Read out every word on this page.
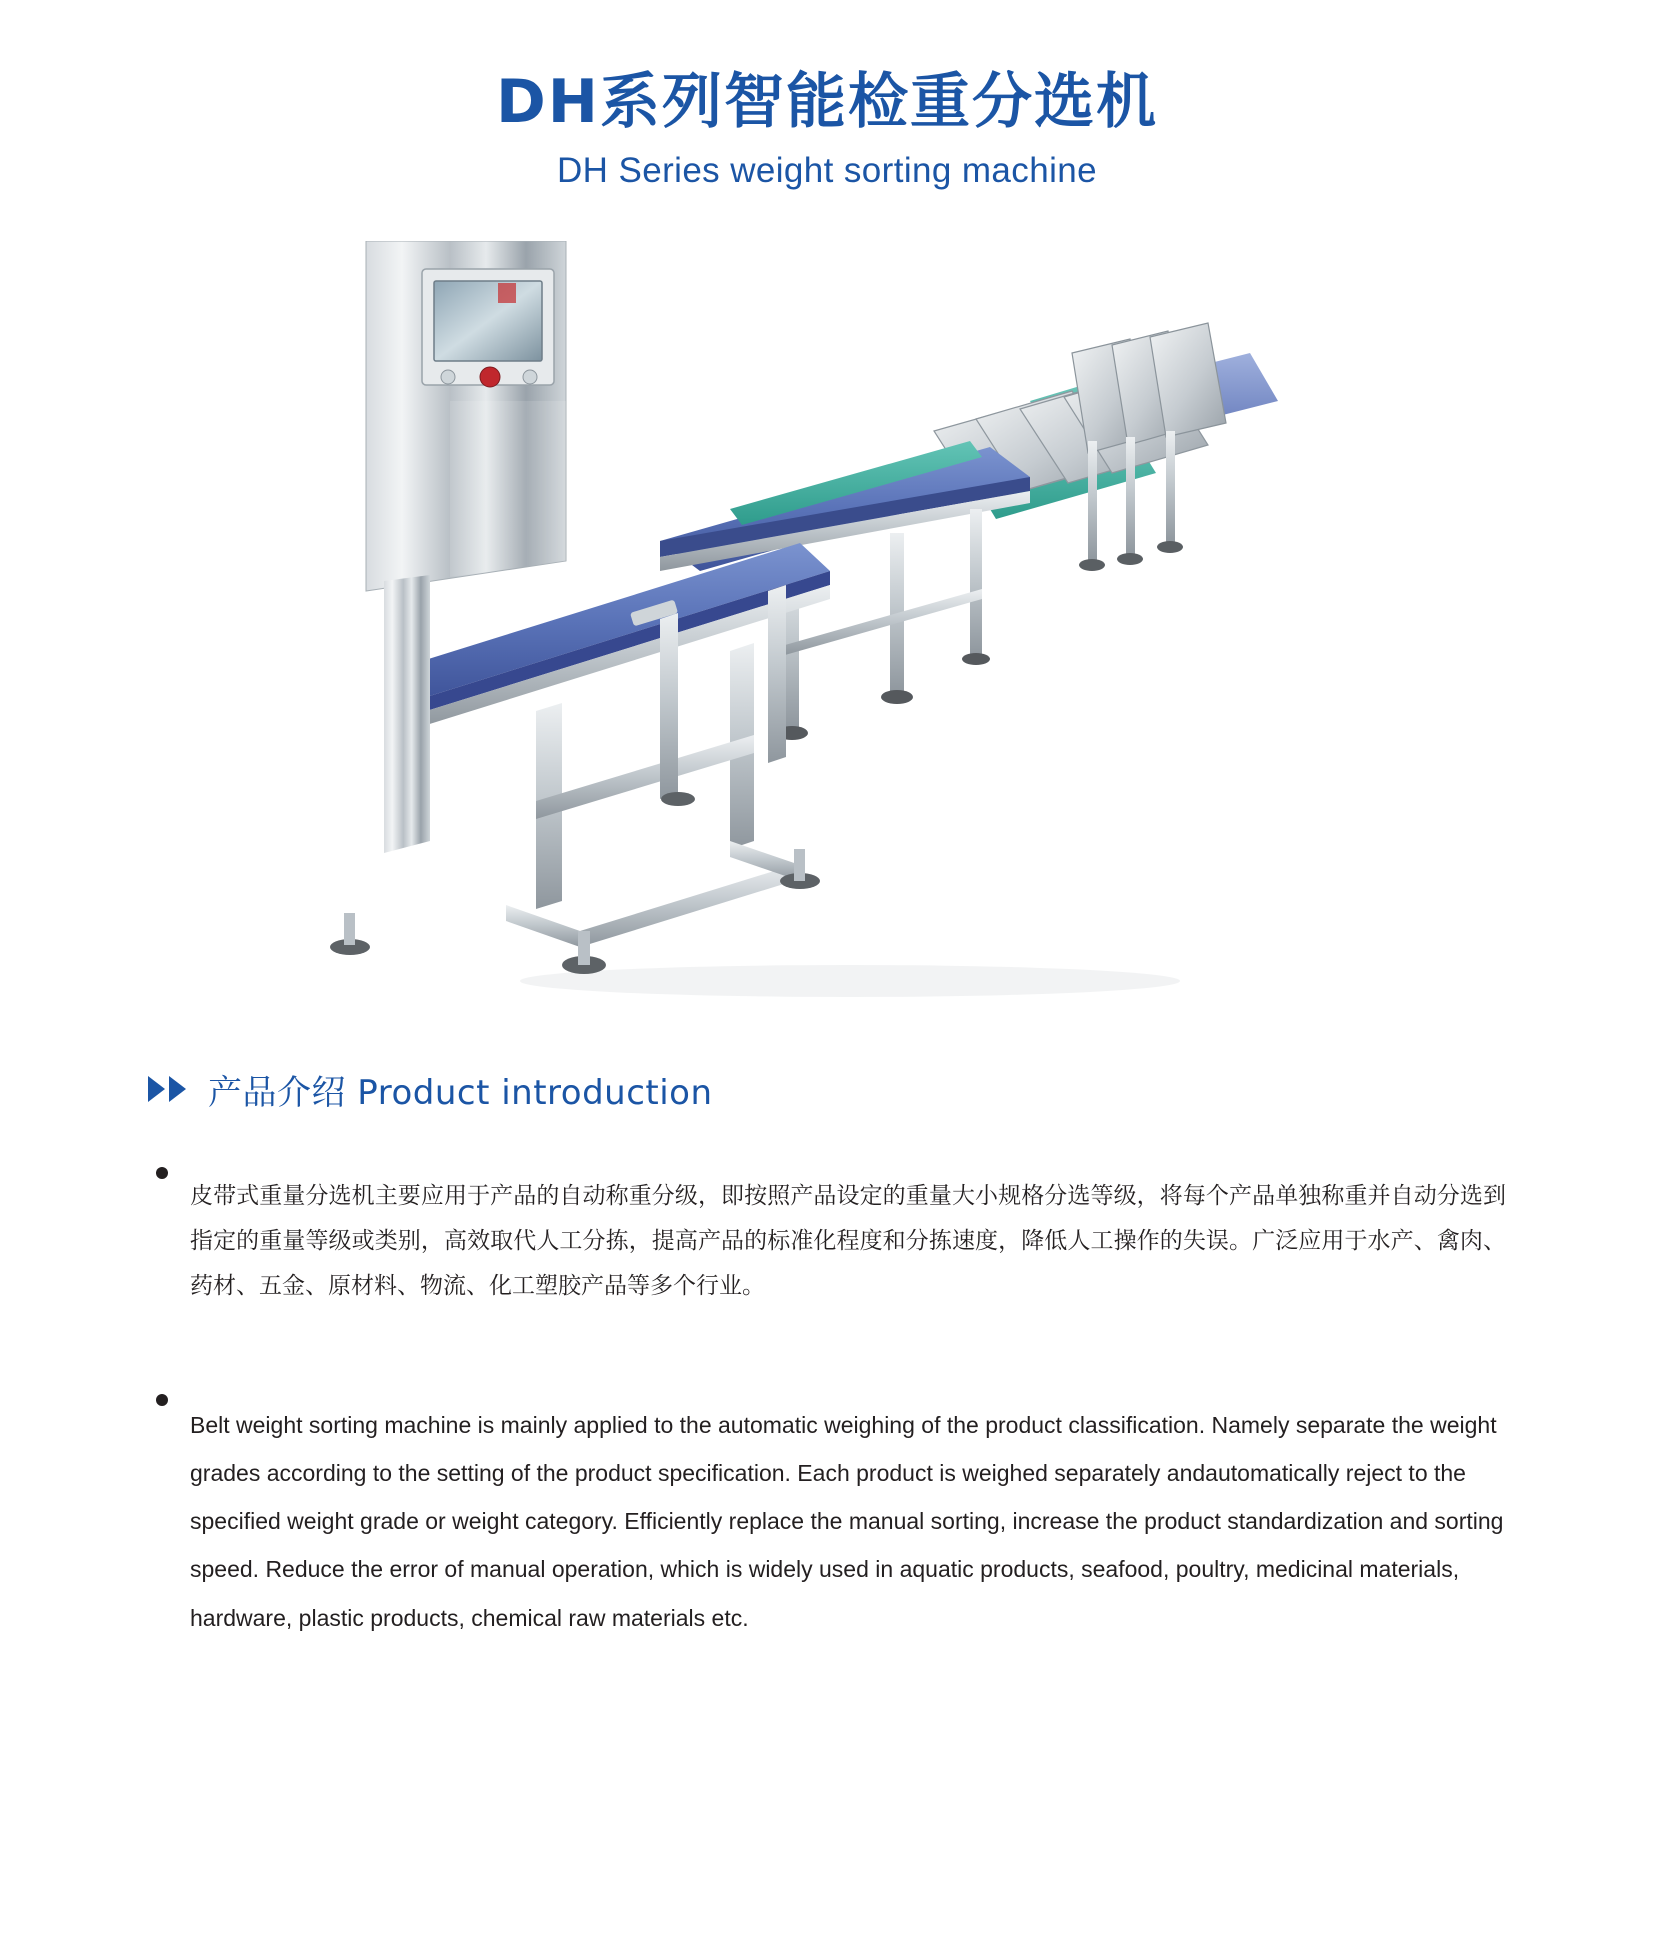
DH系列智能检重分选机
DH Series weight sorting machine
产品介绍 Product introduction

皮带式重量分选机主要应用于产品的自动称重分级，即按照产品设定的重量大小规格分选等级，将每个产品单独称重并自动分选到指定的重量等级或类别，高效取代人工分拣，提高产品的标准化程度和分拣速度，降低人工操作的失误。广泛应用于水产、禽肉、药材、五金、原材料、物流、化工塑胶产品等多个行业。

Belt weight sorting machine is mainly applied to the automatic weighing of the product classification. Namely separate the weight grades according to the setting of the product specification. Each product is weighed separately andautomatically reject to the specified weight grade or weight category. Efficiently replace the manual sorting, increase the product standardization and sorting speed. Reduce the error of manual operation, which is widely used in aquatic products, seafood, poultry, medicinal materials, hardware, plastic products, chemical raw materials etc.
